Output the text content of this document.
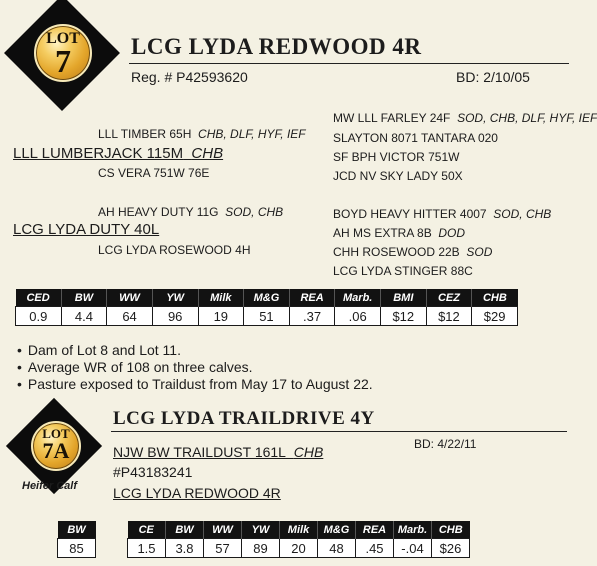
LOT
7	LCG LYDA REDWOOD 4R
Reg. # P42593620	BD: 2/10/05
LLL TIMBER 65H CHB, DLF, HYF, IEF
LLL LUMBERJACK 115M CHB
CS VERA 751W 76E
AH HEAVY DUTY 11G SOD, CHB
LCG LYDA DUTY 40L
LCG LYDA ROSEWOOD 4H
MW LLL FARLEY 24F SOD, CHB, DLF, HYF, IEF
SLAYTON 8071 TANTARA 020
SF BPH VICTOR 751W
JCD NV SKY LADY 50X
BOYD HEAVY HITTER 4007 SOD, CHB
AH MS EXTRA 8B DOD
CHH ROSEWOOD 22B SOD
LCG LYDA STINGER 88C
CED	BW	WW	YW	Milk	M&G	REA	Marb.	BMI	CEZ	CHB
0.9	4.4	64	96	19	51	.37	.06	$12	$12	$29
• Dam of Lot 8 and Lot 11.
• Average WR of 108 on three calves.
• Pasture exposed to Traildust from May 17 to August 22.
LOT
7A
Heifer Calf
LCG LYDA TRAILDRIVE 4Y
BD: 4/22/11
NJW BW TRAILDUST 161L CHB
#P43183241
LCG LYDA REDWOOD 4R
BW
85
CE	BW	WW	YW	Milk	M&G	REA	Marb.	CHB
1.5	3.8	57	89	20	48	.45	-.04	$26
